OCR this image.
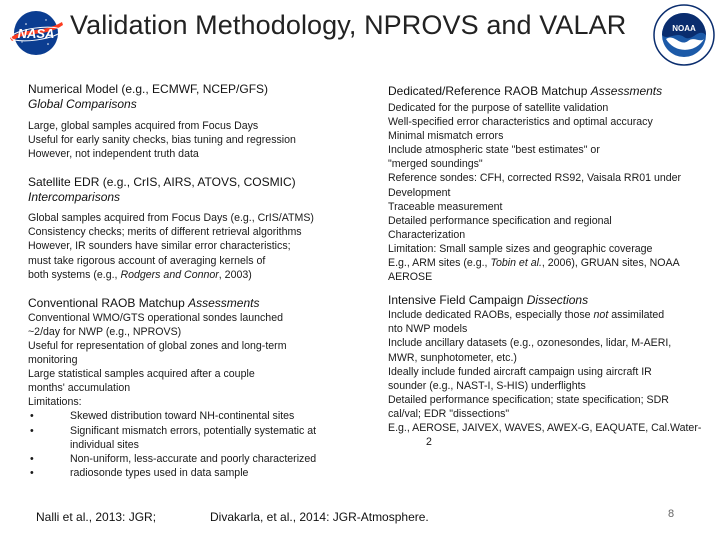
NASA Validation Methodology, NPROVS and VALAR	NOAA
Numerical Model (e.g., ECMWF, NCEP/GFS)
Global Comparisons
Large, global samples acquired from Focus Days
Useful for early sanity checks, bias tuning and regression
However, not independent truth data
Satellite EDR (e.g., CrIS, AIRS, ATOVS, COSMIC)
Intercomparisons
Global samples acquired from Focus Days (e.g., CrIS/ATMS)
Consistency checks; merits of different retrieval algorithms
However, IR sounders have similar error characteristics;
must take rigorous account of averaging kernels of
both systems (e.g., Rodgers and Connor, 2003)
Conventional RAOB Matchup Assessments
Conventional WMO/GTS operational sondes launched
~2/day for NWP (e.g., NPROVS)
Useful for representation of global zones and long-term
monitoring
Large statistical samples acquired after a couple
months' accumulation
Limitations:
•	Skewed distribution toward NH-continental sites
•	Significant mismatch errors, potentially systematic at
individual sites
•	Non-uniform, less-accurate and poorly characterized
•	radiosonde types used in data sample
Dedicated/Reference RAOB Matchup Assessments
Dedicated for the purpose of satellite validation
Well-specified error characteristics and optimal accuracy
Minimal mismatch errors
Include atmospheric state "best estimates" or
"merged soundings"
Reference sondes: CFH, corrected RS92, Vaisala RR01 under
Development
Traceable measurement
Detailed performance specification and regional
Characterization
Limitation: Small sample sizes and geographic coverage
E.g., ARM sites (e.g., Tobin et al., 2006), GRUAN sites, NOAA
AEROSE
Intensive Field Campaign Dissections
Include dedicated RAOBs, especially those not assimilated
nto NWP models
Include ancillary datasets (e.g., ozonesondes, lidar, M-AERI,
MWR, sunphotometer, etc.)
Ideally include funded aircraft campaign using aircraft IR
sounder (e.g., NAST-I, S-HIS) underflights
Detailed performance specification; state specification; SDR
cal/val; EDR "dissections"
E.g., AEROSE, JAIVEX, WAVES, AWEX-G, EAQUATE, Cal.Water-
2
Nalli et al., 2013: JGR;	Divakarla, et al., 2014: JGR-Atmosphere.	8
